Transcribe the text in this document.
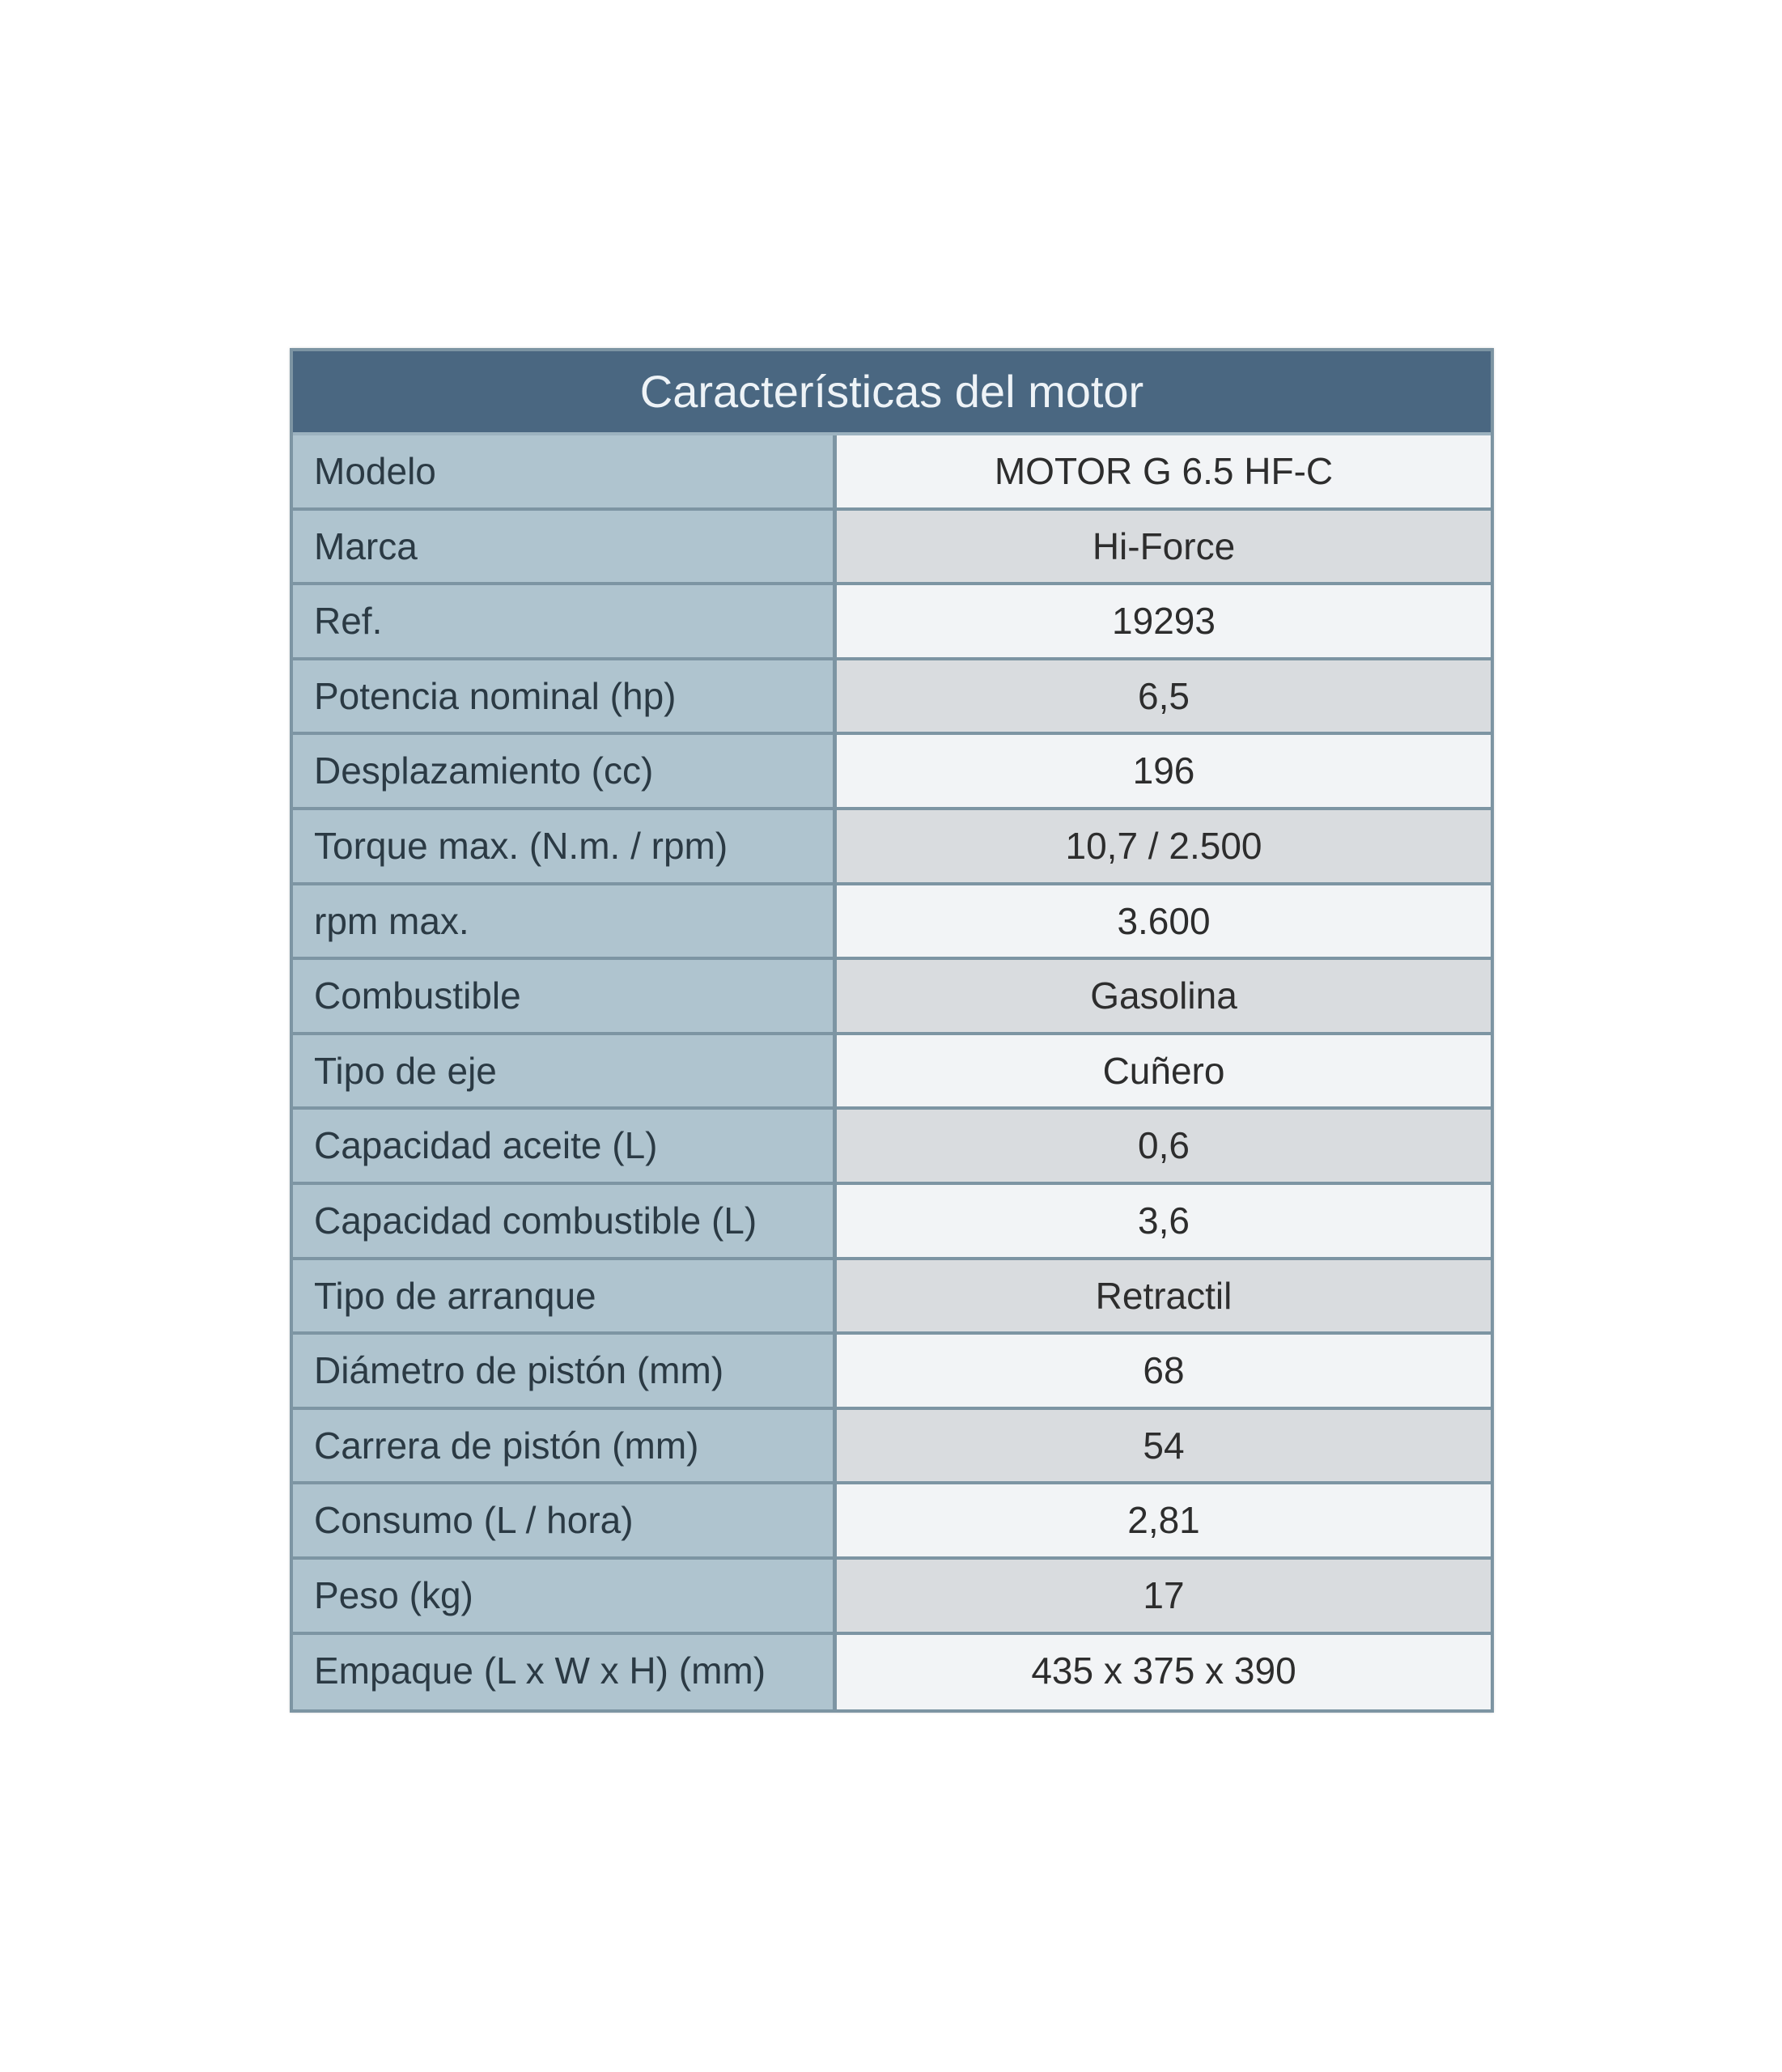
Características del motor
Modelo	MOTOR G 6.5 HF-C
Marca	Hi-Force
Ref.	19293
Potencia nominal (hp)	6,5
Desplazamiento (cc)	196
Torque max. (N.m. / rpm)	10,7 / 2.500
rpm max.	3.600
Combustible	Gasolina
Tipo de eje	Cuñero
Capacidad aceite (L)	0,6
Capacidad combustible (L)	3,6
Tipo de arranque	Retractil
Diámetro de pistón (mm)	68
Carrera de pistón (mm)	54
Consumo (L / hora)	2,81
Peso (kg)	17
Empaque (L x W x H) (mm)	435 x 375 x 390
